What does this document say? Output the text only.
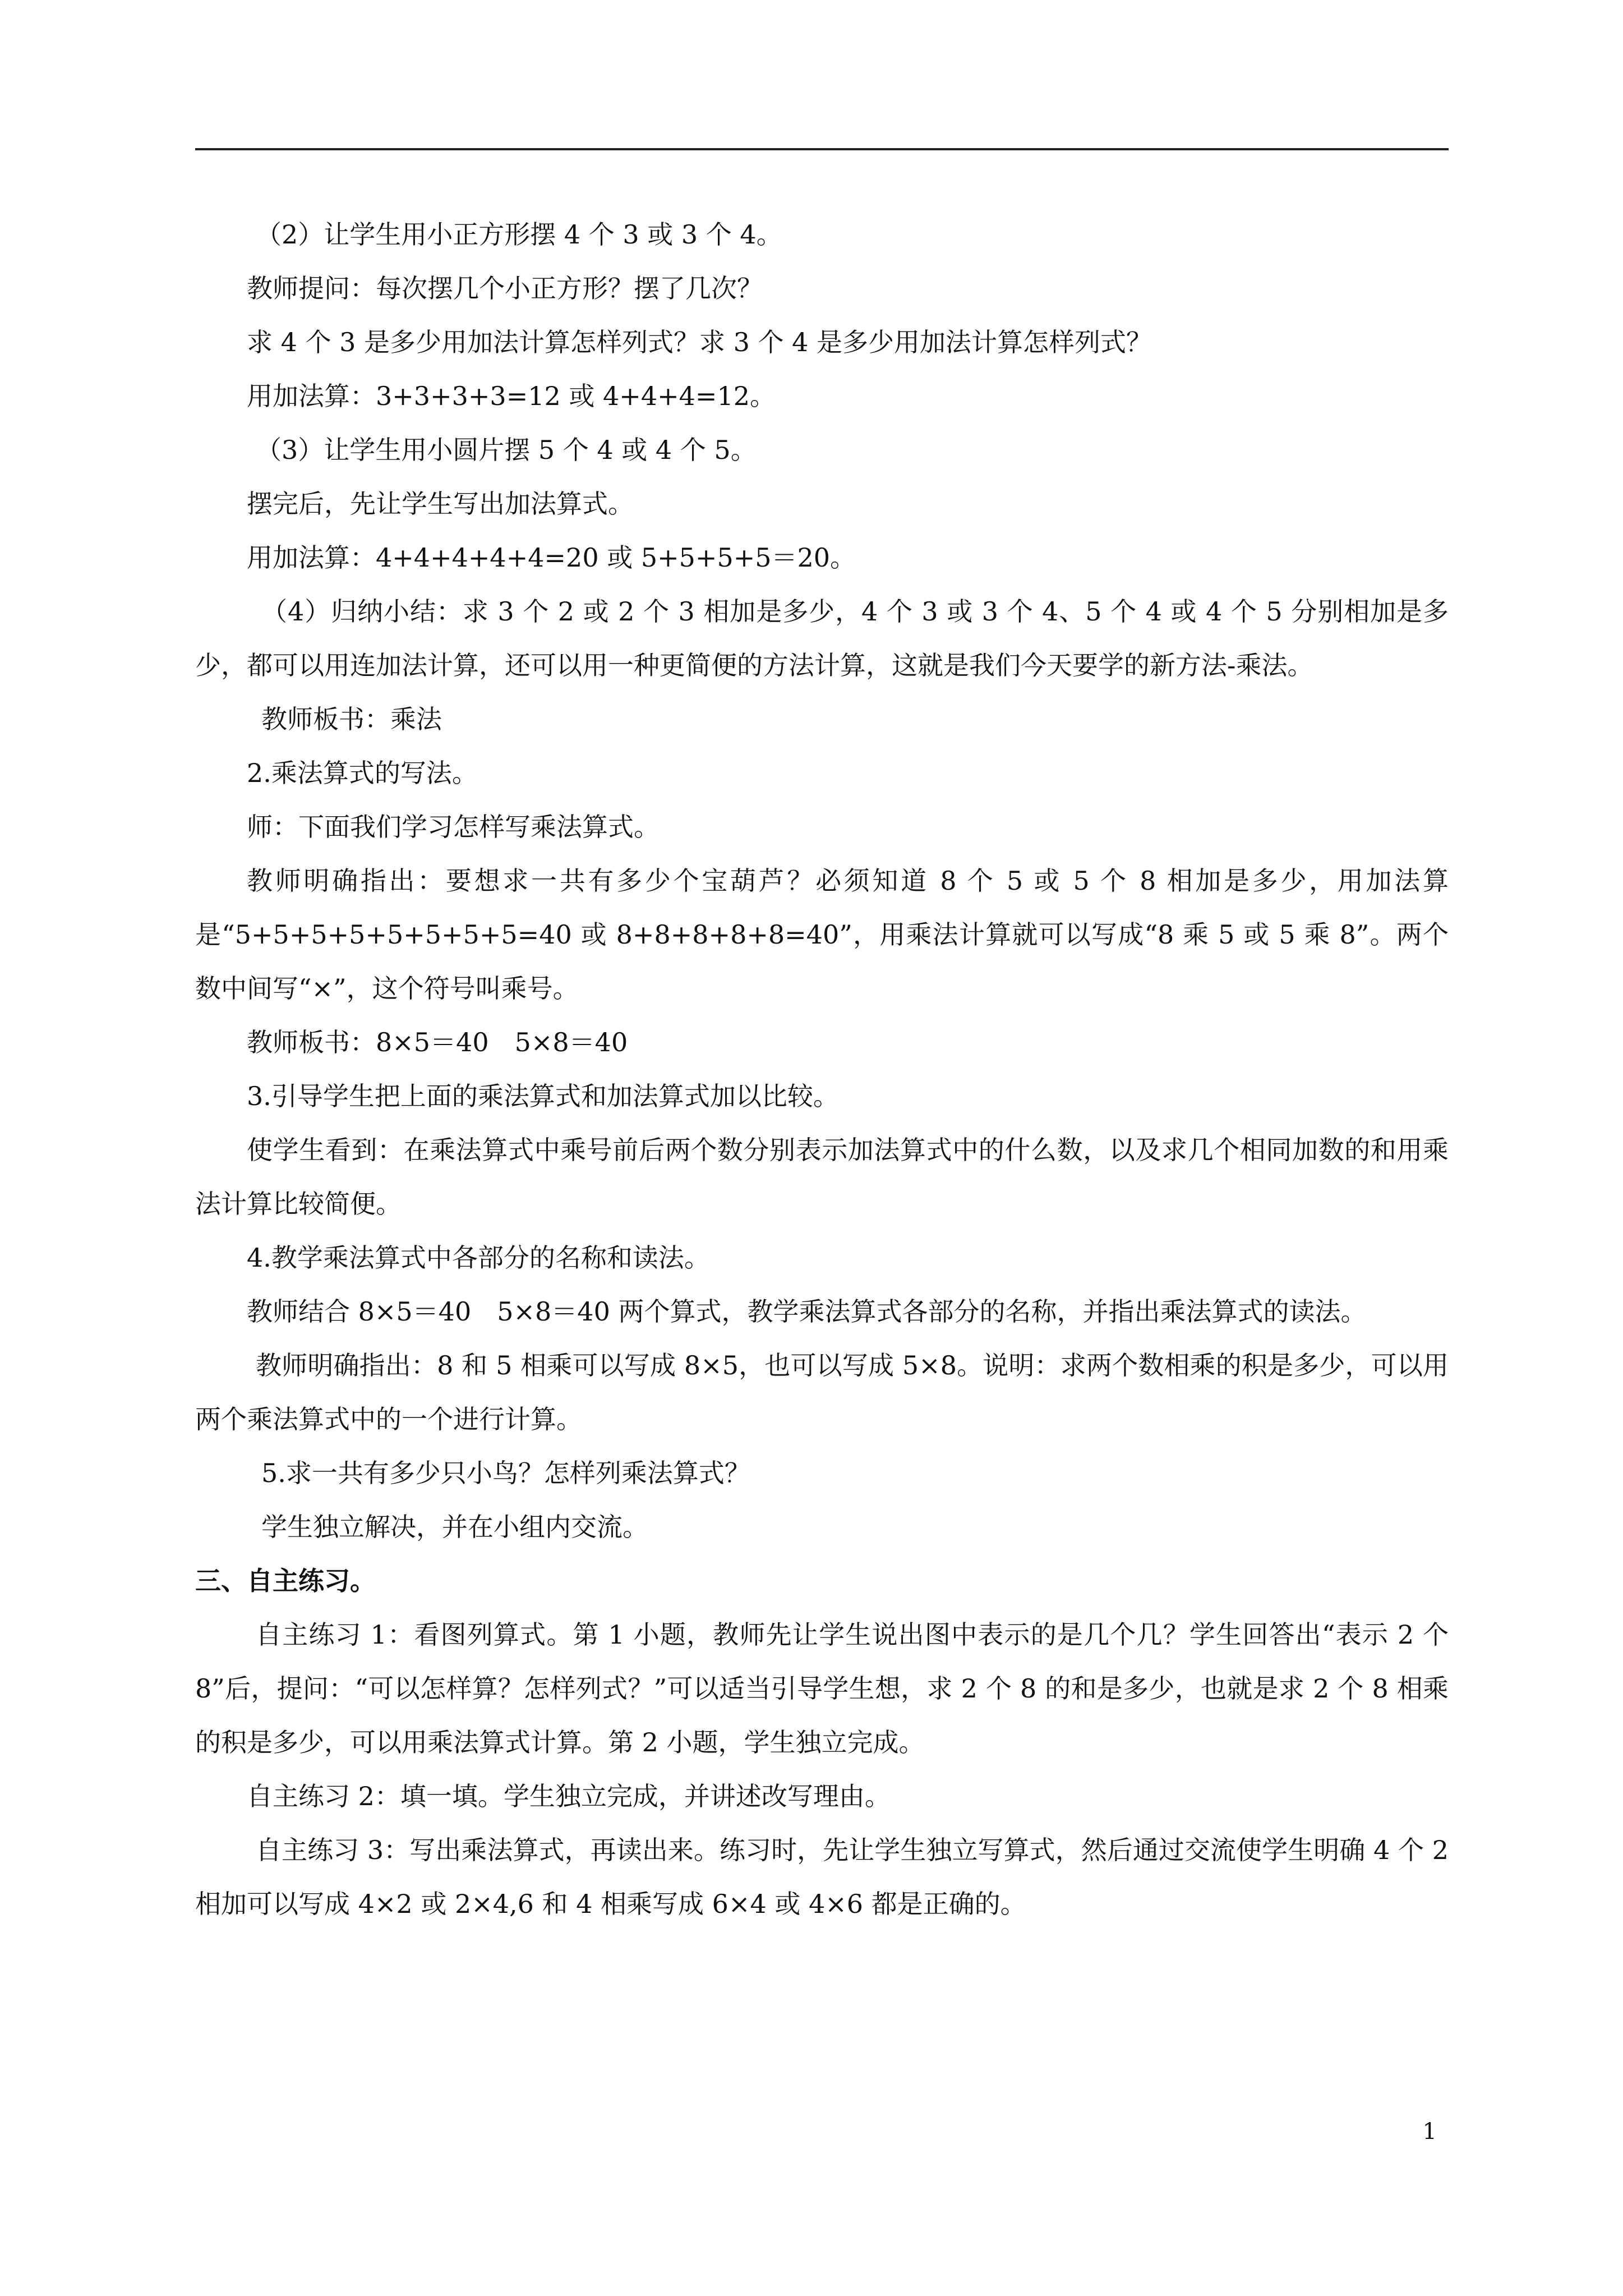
（2）让学生用小正方形摆 4 个 3 或 3 个 4。

教师提问：每次摆几个小正方形？摆了几次？

求 4 个 3 是多少用加法计算怎样列式？求 3 个 4 是多少用加法计算怎样列式？

用加法算：3+3+3+3=12 或 4+4+4=12。

（3）让学生用小圆片摆 5 个 4 或 4 个 5。

摆完后，先让学生写出加法算式。

用加法算：4+4+4+4+4=20 或 5+5+5+5＝20。

（4）归纳小结：求 3 个 2 或 2 个 3 相加是多少，4 个 3 或 3 个 4、5 个 4 或 4 个 5 分别相加是多少，都可以用连加法计算，还可以用一种更简便的方法计算，这就是我们今天要学的新方法-乘法。

教师板书：乘法

2.乘法算式的写法。

师：下面我们学习怎样写乘法算式。

教师明确指出：要想求一共有多少个宝葫芦？必须知道 8 个 5 或 5 个 8 相加是多少，用加法算是“5+5+5+5+5+5+5+5=40 或 8+8+8+8+8=40”，用乘法计算就可以写成“8 乘 5 或 5 乘 8”。两个数中间写“×”，这个符号叫乘号。

教师板书：8×5＝40　5×8＝40

3.引导学生把上面的乘法算式和加法算式加以比较。

使学生看到：在乘法算式中乘号前后两个数分别表示加法算式中的什么数，以及求几个相同加数的和用乘法计算比较简便。

4.教学乘法算式中各部分的名称和读法。

教师结合 8×5＝40　5×8＝40 两个算式，教学乘法算式各部分的名称，并指出乘法算式的读法。

教师明确指出：8 和 5 相乘可以写成 8×5，也可以写成 5×8。说明：求两个数相乘的积是多少，可以用两个乘法算式中的一个进行计算。

5.求一共有多少只小鸟？怎样列乘法算式？

学生独立解决，并在小组内交流。

三、自主练习。

自主练习 1：看图列算式。第 1 小题，教师先让学生说出图中表示的是几个几？学生回答出“表示 2 个 8”后，提问：“可以怎样算？怎样列式？”可以适当引导学生想，求 2 个 8 的和是多少，也就是求 2 个 8 相乘的积是多少，可以用乘法算式计算。第 2 小题，学生独立完成。

自主练习 2：填一填。学生独立完成，并讲述改写理由。

自主练习 3：写出乘法算式，再读出来。练习时，先让学生独立写算式，然后通过交流使学生明确 4 个 2 相加可以写成 4×2 或 2×4,6 和 4 相乘写成 6×4 或 4×6 都是正确的。

1
